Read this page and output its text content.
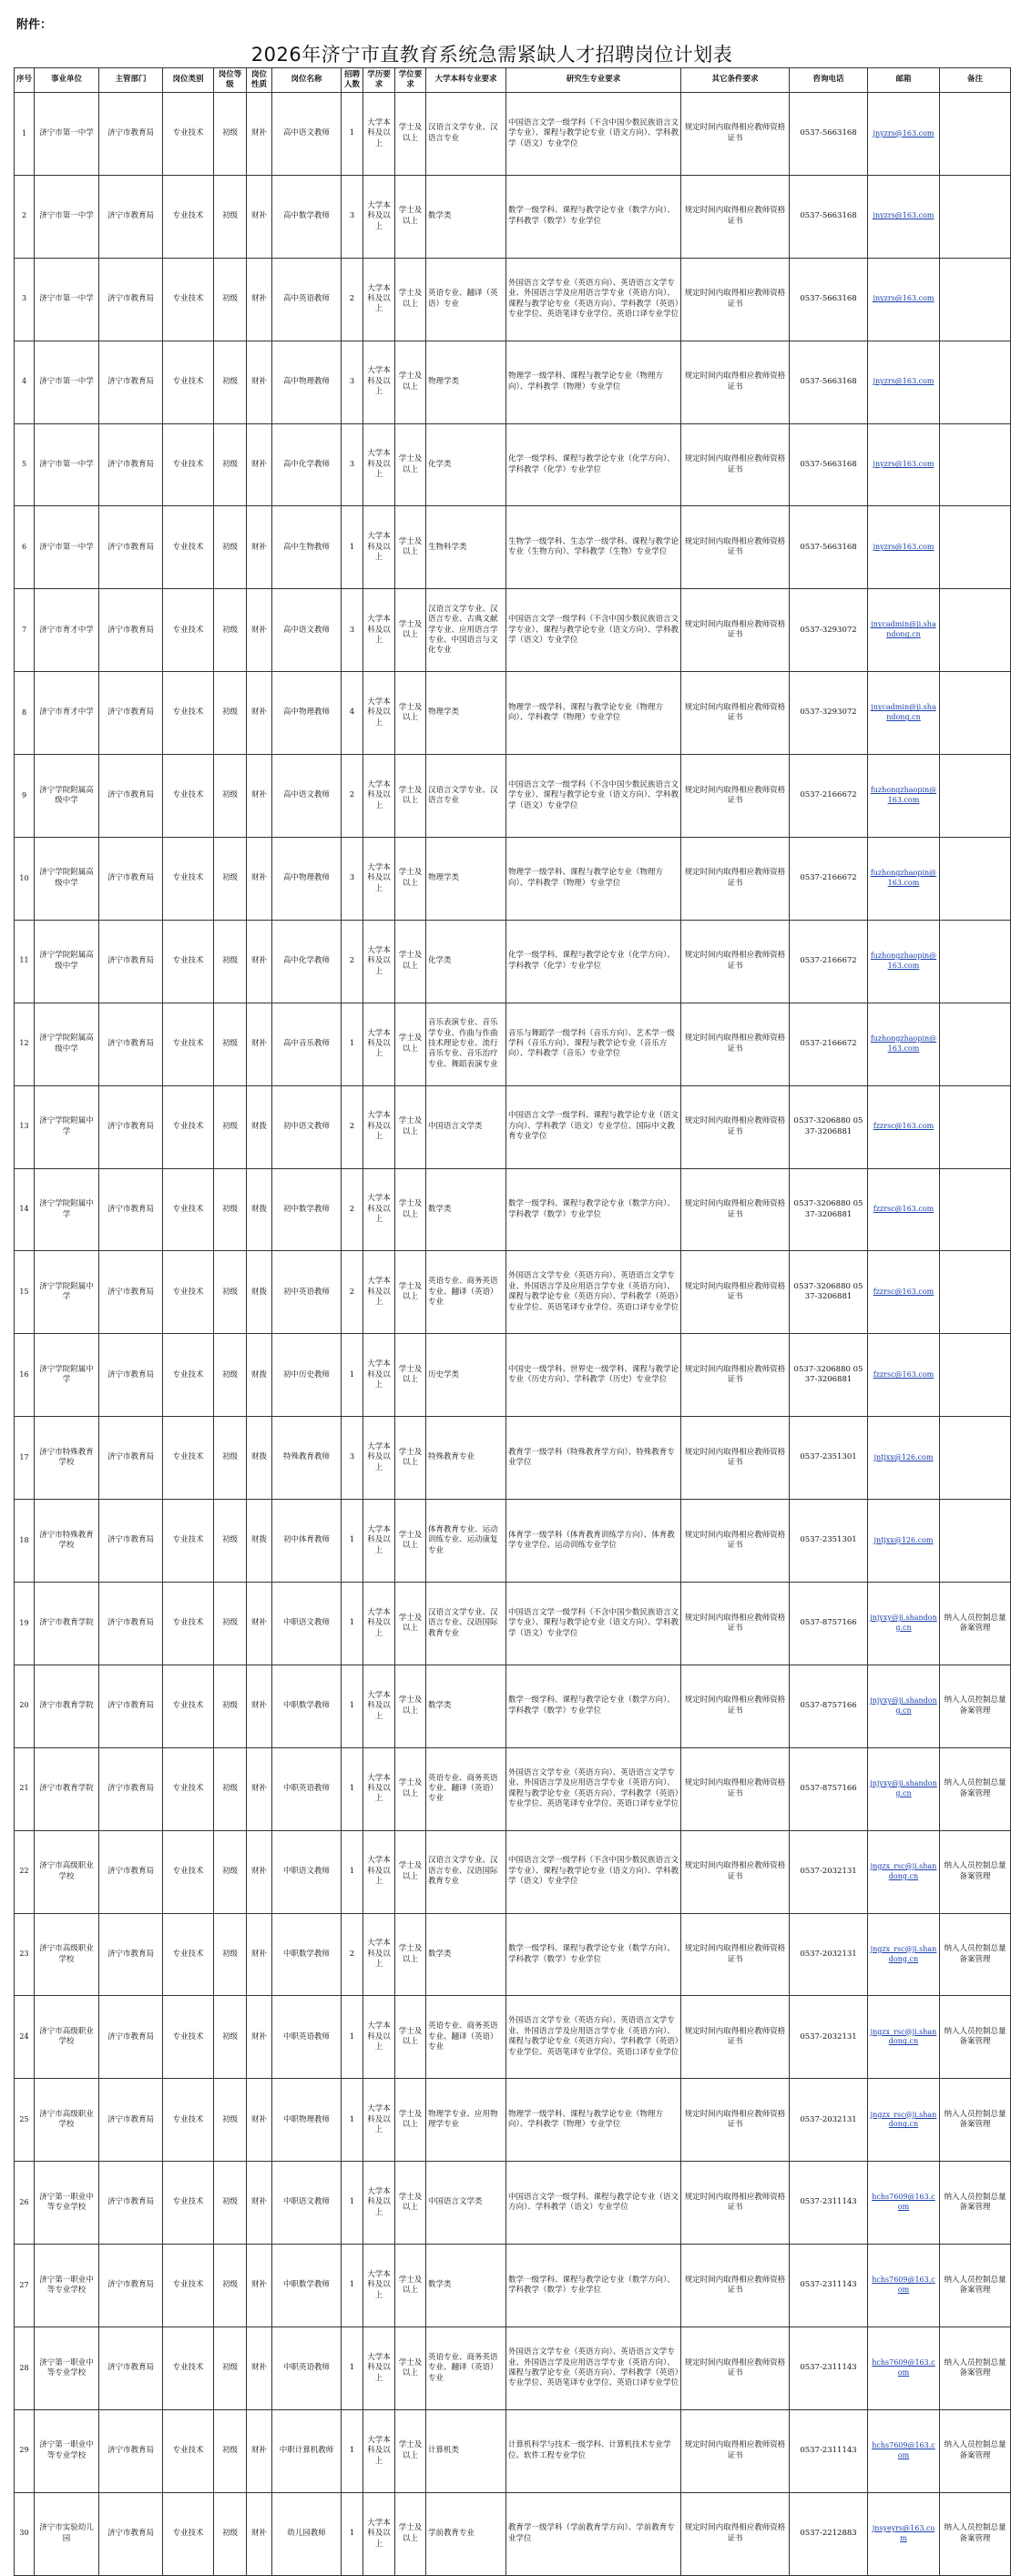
附件：
2026年济宁市直教育系统急需紧缺人才招聘岗位计划表
序号	事业单位	主管部门	岗位类别	岗位等级	岗位性质	岗位名称	招聘人数	学历要求	学位要求	大学本科专业要求	研究生专业要求	其它条件要求	咨询电话	邮箱	备注
1	济宁市第一中学	济宁市教育局	专业技术	初级	财补	高中语文教师	1	大学本科及以上	学士及以上	汉语言文学专业、汉语言专业	中国语言文学一级学科（不含中国少数民族语言文学专业）、课程与教学论专业（语文方向）、学科教学（语文）专业学位	规定时间内取得相应教师资格证书	0537-5663168	jnyzrs@163.com	
2	济宁市第一中学	济宁市教育局	专业技术	初级	财补	高中数学教师	3	大学本科及以上	学士及以上	数学类	数学一级学科、课程与教学论专业（数学方向）、学科教学（数学）专业学位	规定时间内取得相应教师资格证书	0537-5663168	jnyzrs@163.com	
3	济宁市第一中学	济宁市教育局	专业技术	初级	财补	高中英语教师	2	大学本科及以上	学士及以上	英语专业、翻译（英语）专业	外国语言文学专业（英语方向）、英语语言文学专业、外国语言学及应用语言学专业（英语方向）、课程与教学论专业（英语方向）、学科教学（英语）专业学位、英语笔译专业学位、英语口译专业学位	规定时间内取得相应教师资格证书	0537-5663168	jnyzrs@163.com	
4	济宁市第一中学	济宁市教育局	专业技术	初级	财补	高中物理教师	3	大学本科及以上	学士及以上	物理学类	物理学一级学科、课程与教学论专业（物理方向）、学科教学（物理）专业学位	规定时间内取得相应教师资格证书	0537-5663168	jnyzrs@163.com	
5	济宁市第一中学	济宁市教育局	专业技术	初级	财补	高中化学教师	3	大学本科及以上	学士及以上	化学类	化学一级学科、课程与教学论专业（化学方向）、学科教学（化学）专业学位	规定时间内取得相应教师资格证书	0537-5663168	jnyzrs@163.com	
6	济宁市第一中学	济宁市教育局	专业技术	初级	财补	高中生物教师	1	大学本科及以上	学士及以上	生物科学类	生物学一级学科、生态学一级学科、课程与教学论专业（生物方向）、学科教学（生物）专业学位	规定时间内取得相应教师资格证书	0537-5663168	jnyzrs@163.com	
7	济宁市育才中学	济宁市教育局	专业技术	初级	财补	高中语文教师	3	大学本科及以上	学士及以上	汉语言文学专业、汉语言专业、古典文献学专业、应用语言学专业、中国语言与文化专业	中国语言文学一级学科（不含中国少数民族语言文学专业）、课程与教学论专业（语文方向）、学科教学（语文）专业学位	规定时间内取得相应教师资格证书	0537-3293072	jnycadmin@ji.shandong.cn	
8	济宁市育才中学	济宁市教育局	专业技术	初级	财补	高中物理教师	4	大学本科及以上	学士及以上	物理学类	物理学一级学科、课程与教学论专业（物理方向）、学科教学（物理）专业学位	规定时间内取得相应教师资格证书	0537-3293072	jnycadmin@ji.shandong.cn	
9	济宁学院附属高级中学	济宁市教育局	专业技术	初级	财补	高中语文教师	2	大学本科及以上	学士及以上	汉语言文学专业、汉语言专业	中国语言文学一级学科（不含中国少数民族语言文学专业）、课程与教学论专业（语文方向）、学科教学（语文）专业学位	规定时间内取得相应教师资格证书	0537-2166672	fuzhongzhaopin@163.com	
10	济宁学院附属高级中学	济宁市教育局	专业技术	初级	财补	高中物理教师	3	大学本科及以上	学士及以上	物理学类	物理学一级学科、课程与教学论专业（物理方向）、学科教学（物理）专业学位	规定时间内取得相应教师资格证书	0537-2166672	fuzhongzhaopin@163.com	
11	济宁学院附属高级中学	济宁市教育局	专业技术	初级	财补	高中化学教师	2	大学本科及以上	学士及以上	化学类	化学一级学科、课程与教学论专业（化学方向）、学科教学（化学）专业学位	规定时间内取得相应教师资格证书	0537-2166672	fuzhongzhaopin@163.com	
12	济宁学院附属高级中学	济宁市教育局	专业技术	初级	财补	高中音乐教师	1	大学本科及以上	学士及以上	音乐表演专业、音乐学专业、作曲与作曲技术理论专业、流行音乐专业、音乐治疗专业、舞蹈表演专业	音乐与舞蹈学一级学科（音乐方向）、艺术学一级学科（音乐方向）、课程与教学论专业（音乐方向）、学科教学（音乐）专业学位	规定时间内取得相应教师资格证书	0537-2166672	fuzhongzhaopin@163.com	
13	济宁学院附属中学	济宁市教育局	专业技术	初级	财拨	初中语文教师	2	大学本科及以上	学士及以上	中国语言文学类	中国语言文学一级学科、课程与教学论专业（语文方向）、学科教学（语文）专业学位、国际中文教育专业学位	规定时间内取得相应教师资格证书	0537-3206880 0537-3206881	fzzrsc@163.com	
14	济宁学院附属中学	济宁市教育局	专业技术	初级	财拨	初中数学教师	2	大学本科及以上	学士及以上	数学类	数学一级学科、课程与教学论专业（数学方向）、学科教学（数学）专业学位	规定时间内取得相应教师资格证书	0537-3206880 0537-3206881	fzzrsc@163.com	
15	济宁学院附属中学	济宁市教育局	专业技术	初级	财拨	初中英语教师	2	大学本科及以上	学士及以上	英语专业、商务英语专业、翻译（英语）专业	外国语言文学专业（英语方向）、英语语言文学专业、外国语言学及应用语言学专业（英语方向）、课程与教学论专业（英语方向）、学科教学（英语）专业学位、英语笔译专业学位、英语口译专业学位	规定时间内取得相应教师资格证书	0537-3206880 0537-3206881	fzzrsc@163.com	
16	济宁学院附属中学	济宁市教育局	专业技术	初级	财拨	初中历史教师	1	大学本科及以上	学士及以上	历史学类	中国史一级学科、世界史一级学科、课程与教学论专业（历史方向）、学科教学（历史）专业学位	规定时间内取得相应教师资格证书	0537-3206880 0537-3206881	fzzrsc@163.com	
17	济宁市特殊教育学校	济宁市教育局	专业技术	初级	财拨	特殊教育教师	3	大学本科及以上	学士及以上	特殊教育专业	教育学一级学科（特殊教育学方向）、特殊教育专业学位	规定时间内取得相应教师资格证书	0537-2351301	jntjxx@126.com	
18	济宁市特殊教育学校	济宁市教育局	专业技术	初级	财拨	初中体育教师	1	大学本科及以上	学士及以上	体育教育专业、运动训练专业、运动康复专业	体育学一级学科（体育教育训练学方向）、体育教学专业学位、运动训练专业学位	规定时间内取得相应教师资格证书	0537-2351301	jntjxx@126.com	
19	济宁市教育学院	济宁市教育局	专业技术	初级	财补	中职语文教师	1	大学本科及以上	学士及以上	汉语言文学专业、汉语言专业、汉语国际教育专业	中国语言文学一级学科（不含中国少数民族语言文学专业）、课程与教学论专业（语文方向）、学科教学（语文）专业学位	规定时间内取得相应教师资格证书	0537-8757166	jnjyxy@ji.shandong.cn	纳入人员控制总量备案管理
20	济宁市教育学院	济宁市教育局	专业技术	初级	财补	中职数学教师	1	大学本科及以上	学士及以上	数学类	数学一级学科、课程与教学论专业（数学方向）、学科教学（数学）专业学位	规定时间内取得相应教师资格证书	0537-8757166	jnjyxy@ji.shandong.cn	纳入人员控制总量备案管理
21	济宁市教育学院	济宁市教育局	专业技术	初级	财补	中职英语教师	1	大学本科及以上	学士及以上	英语专业、商务英语专业、翻译（英语）专业	外国语言文学专业（英语方向）、英语语言文学专业、外国语言学及应用语言学专业（英语方向）、课程与教学论专业（英语方向）、学科教学（英语）专业学位、英语笔译专业学位、英语口译专业学位	规定时间内取得相应教师资格证书	0537-8757166	jnjyxy@ji.shandong.cn	纳入人员控制总量备案管理
22	济宁市高级职业学校	济宁市教育局	专业技术	初级	财补	中职语文教师	1	大学本科及以上	学士及以上	汉语言文学专业、汉语言专业、汉语国际教育专业	中国语言文学一级学科（不含中国少数民族语言文学专业）、课程与教学论专业（语文方向）、学科教学（语文）专业学位	规定时间内取得相应教师资格证书	0537-2032131	jngzx_rsc@ji.shandong.cn	纳入人员控制总量备案管理
23	济宁市高级职业学校	济宁市教育局	专业技术	初级	财补	中职数学教师	2	大学本科及以上	学士及以上	数学类	数学一级学科、课程与教学论专业（数学方向）、学科教学（数学）专业学位	规定时间内取得相应教师资格证书	0537-2032131	jngzx_rsc@ji.shandong.cn	纳入人员控制总量备案管理
24	济宁市高级职业学校	济宁市教育局	专业技术	初级	财补	中职英语教师	1	大学本科及以上	学士及以上	英语专业、商务英语专业、翻译（英语）专业	外国语言文学专业（英语方向）、英语语言文学专业、外国语言学及应用语言学专业（英语方向）、课程与教学论专业（英语方向）、学科教学（英语）专业学位、英语笔译专业学位、英语口译专业学位	规定时间内取得相应教师资格证书	0537-2032131	jngzx_rsc@ji.shandong.cn	纳入人员控制总量备案管理
25	济宁市高级职业学校	济宁市教育局	专业技术	初级	财补	中职物理教师	1	大学本科及以上	学士及以上	物理学专业、应用物理学专业	物理学一级学科、课程与教学论专业（物理方向）、学科教学（物理）专业学位	规定时间内取得相应教师资格证书	0537-2032131	jngzx_rsc@ji.shandong.cn	纳入人员控制总量备案管理
26	济宁第一职业中等专业学校	济宁市教育局	专业技术	初级	财补	中职语文教师	1	大学本科及以上	学士及以上	中国语言文学类	中国语言文学一级学科、课程与教学论专业（语文方向）、学科教学（语文）专业学位	规定时间内取得相应教师资格证书	0537-2311143	hchs7609@163.com	纳入人员控制总量备案管理
27	济宁第一职业中等专业学校	济宁市教育局	专业技术	初级	财补	中职数学教师	1	大学本科及以上	学士及以上	数学类	数学一级学科、课程与教学论专业（数学方向）、学科教学（数学）专业学位	规定时间内取得相应教师资格证书	0537-2311143	hchs7609@163.com	纳入人员控制总量备案管理
28	济宁第一职业中等专业学校	济宁市教育局	专业技术	初级	财补	中职英语教师	1	大学本科及以上	学士及以上	英语专业、商务英语专业、翻译（英语）专业	外国语言文学专业（英语方向）、英语语言文学专业、外国语言学及应用语言学专业（英语方向）、课程与教学论专业（英语方向）、学科教学（英语）专业学位、英语笔译专业学位、英语口译专业学位	规定时间内取得相应教师资格证书	0537-2311143	hchs7609@163.com	纳入人员控制总量备案管理
29	济宁第一职业中等专业学校	济宁市教育局	专业技术	初级	财补	中职计算机教师	1	大学本科及以上	学士及以上	计算机类	计算机科学与技术一级学科、计算机技术专业学位、软件工程专业学位	规定时间内取得相应教师资格证书	0537-2311143	hchs7609@163.com	纳入人员控制总量备案管理
30	济宁市实验幼儿园	济宁市教育局	专业技术	初级	财补	幼儿园教师	1	大学本科及以上	学士及以上	学前教育专业	教育学一级学科（学前教育学方向）、学前教育专业学位	规定时间内取得相应教师资格证书	0537-2212883	jnsyeyrs@163.com	纳入人员控制总量备案管理
